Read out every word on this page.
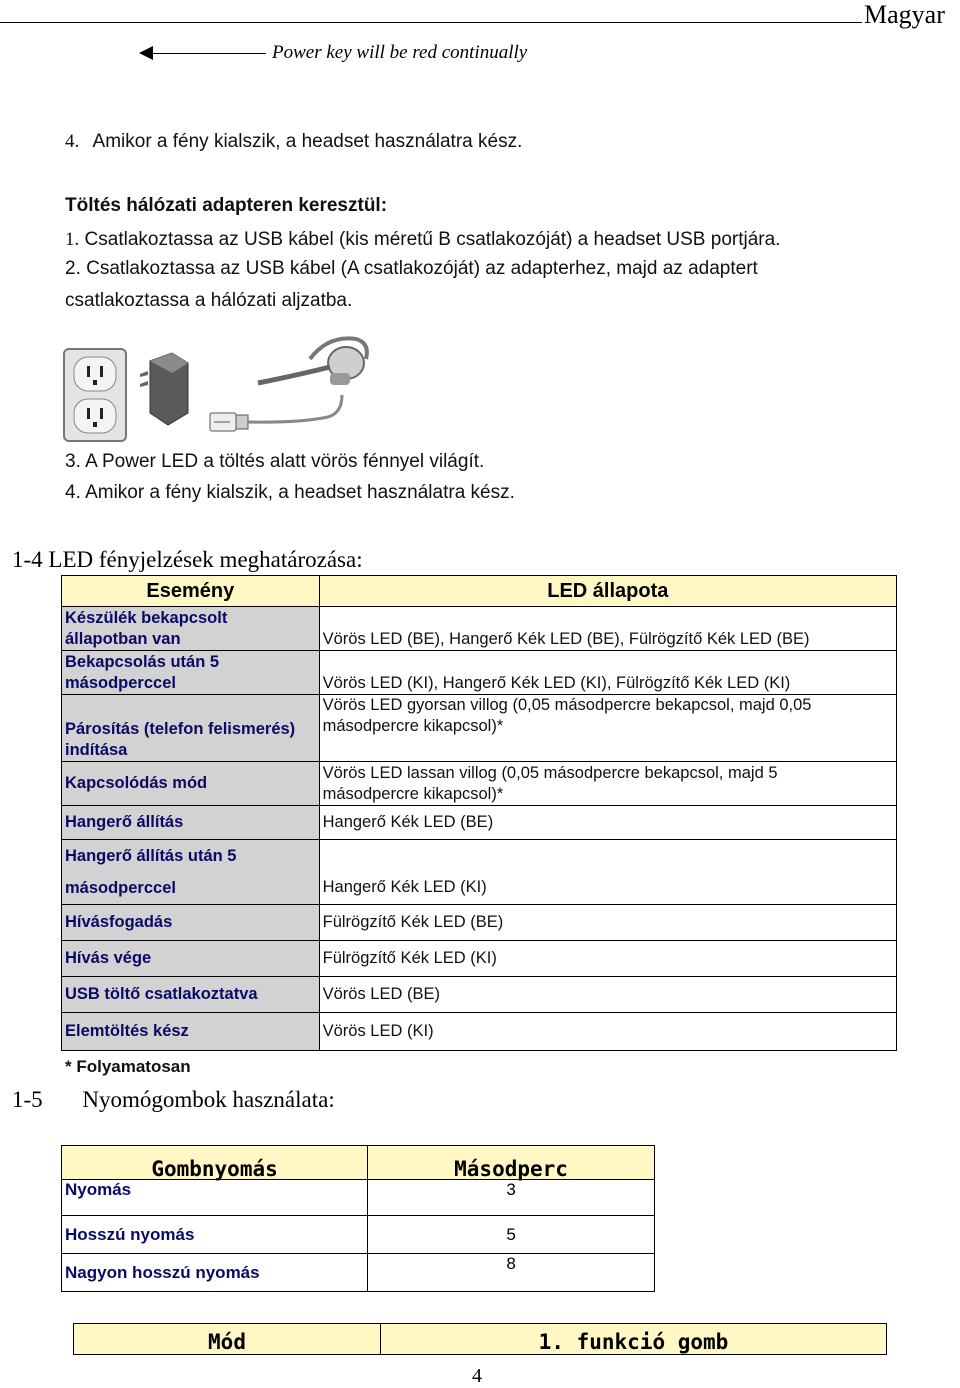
Magyar
Power key will be red continually
4. Amikor a fény kialszik, a headset használatra kész.
Töltés hálózati adapteren keresztül:
1. Csatlakoztassa az USB kábel (kis méretű B csatlakozóját) a headset USB portjára.
2. Csatlakoztassa az USB kábel (A csatlakozóját) az adapterhez, majd az adaptert
csatlakoztassa a hálózati aljzatba.
3. A Power LED a töltés alatt vörös fénnyel világít.
4. Amikor a fény kialszik, a headset használatra kész.
1-4 LED fényjelzések meghatározása:
Esemény	LED állapota
Készülék bekapcsolt
állapotban van	Vörös LED (BE), Hangerő Kék LED (BE), Fülrögzítő Kék LED (BE)
Bekapcsolás után 5
másodperccel	Vörös LED (KI), Hangerő Kék LED (KI), Fülrögzítő Kék LED (KI)
Párosítás (telefon felismerés)
indítása	Vörös LED gyorsan villog (0,05 másodpercre bekapcsol, majd 0,05
másodpercre kikapcsol)*
Kapcsolódás mód	Vörös LED lassan villog (0,05 másodpercre bekapcsol, majd 5
másodpercre kikapcsol)*
Hangerő állítás	Hangerő Kék LED (BE)
Hangerő állítás után 5
másodperccel	Hangerő Kék LED (KI)
Hívásfogadás	Fülrögzítő Kék LED (BE)
Hívás vége	Fülrögzítő Kék LED (KI)
USB töltő csatlakoztatva	Vörös LED (BE)
Elemtöltés kész	Vörös LED (KI)
* Folyamatosan
1-5 Nyomógombok használata:
Gombnyomás	Másodperc
Nyomás	3
Hosszú nyomás	5
Nagyon hosszú nyomás	8
Mód	1. funkció gomb
4
